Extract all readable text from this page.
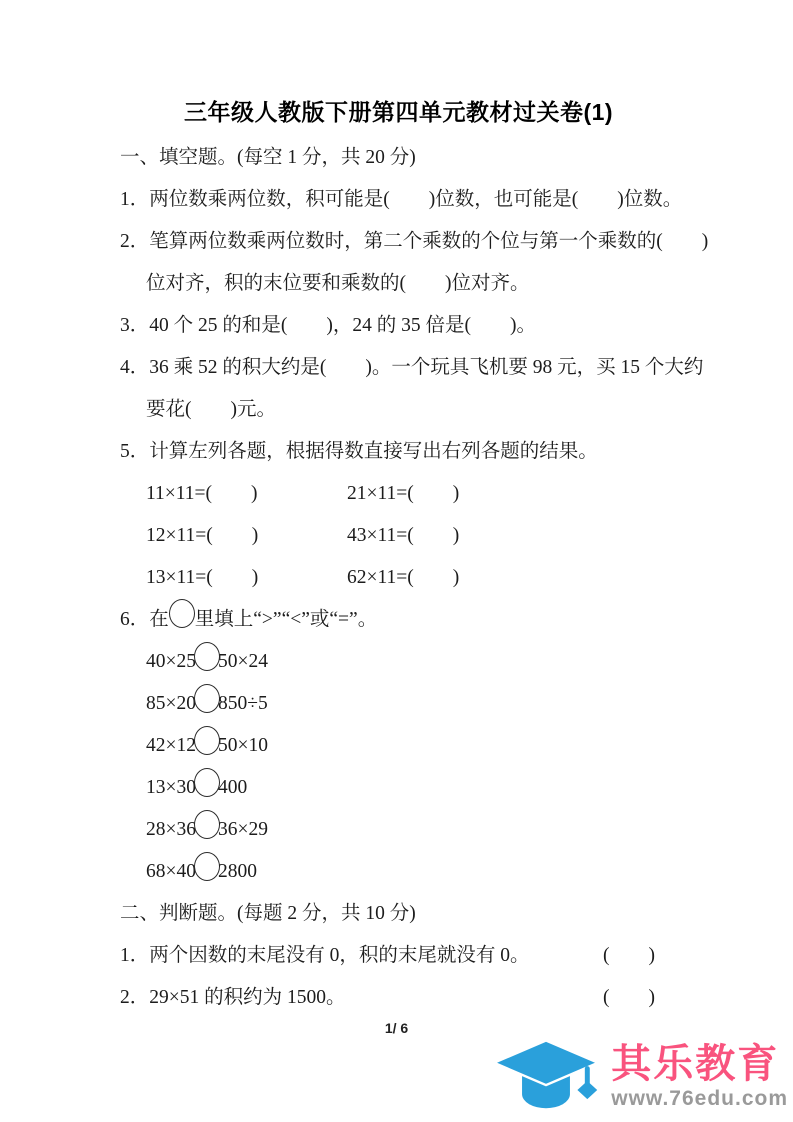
三年级人教版下册第四单元教材过关卷(1)
一、填空题。(每空 1 分，共 20 分)
1．两位数乘两位数，积可能是(　　)位数，也可能是(　　)位数。
2．笔算两位数乘两位数时，第二个乘数的个位与第一个乘数的(　　)
位对齐，积的末位要和乘数的(　　)位对齐。
3．40 个 25 的和是(　　)，24 的 35 倍是(　　)。
4．36 乘 52 的积大约是(　　)。一个玩具飞机要 98 元，买 15 个大约
要花(　　)元。
5．计算左列各题，根据得数直接写出右列各题的结果。
11×11=(　　)	21×11=(　　)
12×11=(　　)	43×11=(　　)
13×11=(　　)	62×11=(　　)
6．在 里填上“>”“<”或“=”。
40×25 50×24
85×20 850÷5
42×12 50×10
13×30 400
28×36 36×29
68×40 2800
二、判断题。(每题 2 分，共 10 分)
1．两个因数的末尾没有 0，积的末尾就没有 0。	(　　)
2．29×51 的积约为 1500。	(　　)
1/ 6
其乐教育
www.76edu.com
